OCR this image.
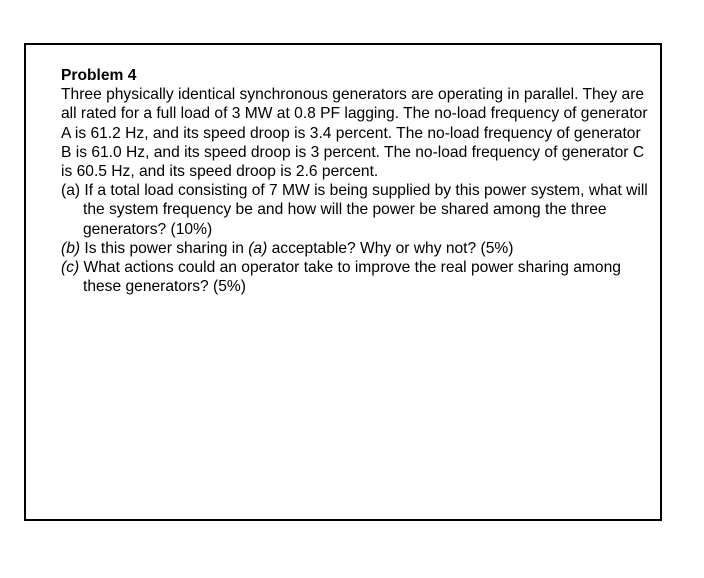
Problem 4

Three physically identical synchronous generators are operating in parallel. They are all rated for a full load of 3 MW at 0.8 PF lagging. The no-load frequency of generator A is 61.2 Hz, and its speed droop is 3.4 percent. The no-load frequency of generator B is 61.0 Hz, and its speed droop is 3 percent. The no-load frequency of generator C is 60.5 Hz, and its speed droop is 2.6 percent.

(a) If a total load consisting of 7 MW is being supplied by this power system, what will the system frequency be and how will the power be shared among the three generators? (10%)

(b) Is this power sharing in (a) acceptable? Why or why not? (5%)

(c) What actions could an operator take to improve the real power sharing among these generators? (5%)
